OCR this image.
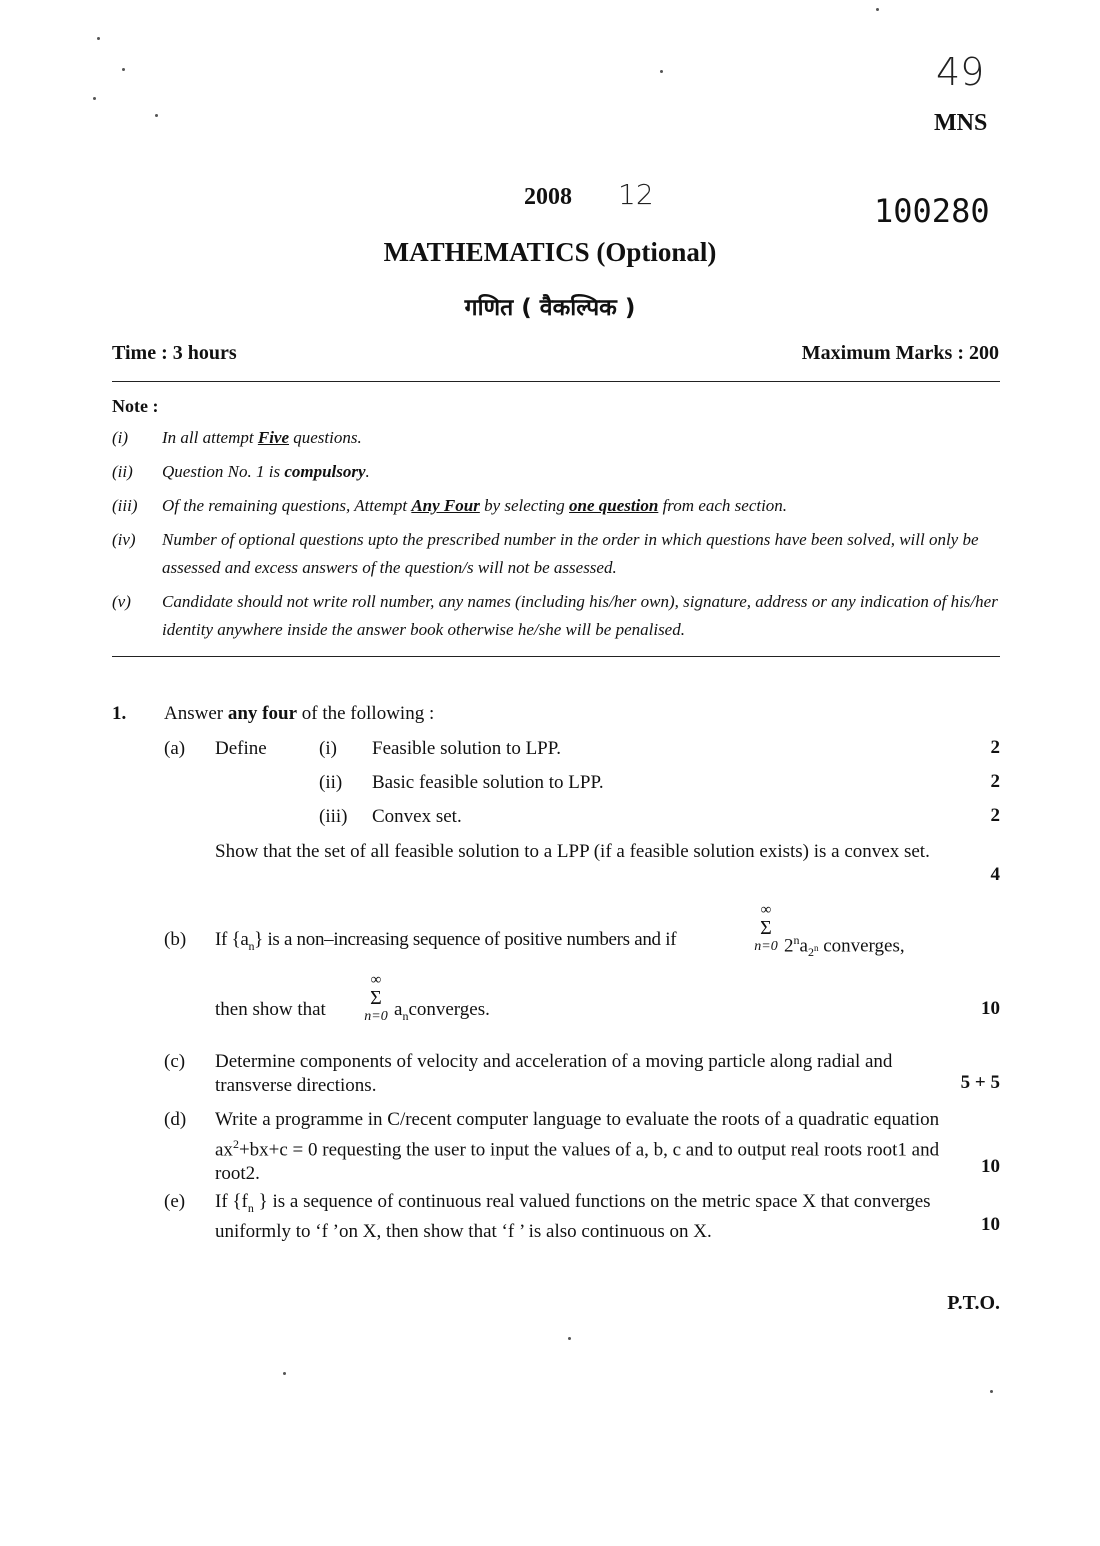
49
MNS
2008 12	100280
MATHEMATICS (Optional)
गणित ( वैकल्पिक )
Time : 3 hours	Maximum Marks : 200
Note :
(i)	In all attempt Five questions.
(ii)	Question No. 1 is compulsory.
(iii)	Of the remaining questions, Attempt Any Four by selecting one question from each section.
(iv)	Number of optional questions upto the prescribed number in the order in which questions have been solved, will only be assessed and excess answers of the question/s will not be assessed.
(v)	Candidate should not write roll number, any names (including his/her own), signature, address or any indication of his/her identity anywhere inside the answer book otherwise he/she will be penalised.
1. Answer any four of the following :
(a) Define	(i) Feasible solution to LPP.	2
(ii) Basic feasible solution to LPP.	2
(iii) Convex set.	2
Show that the set of all feasible solution to a LPP (if a feasible solution exists) is a convex set.
4
(b) If $\{a_n\}$ is a non–increasing sequence of positive numbers and if
∞
Σ
n=0 $2^na_{2^n}$ converges,
then show that
∞
Σ
n=0 $a_nconverges$.	10
(c) Determine components of velocity and acceleration of a moving particle along radial and transverse directions.	5 + 5
(d) Write a programme in C/recent computer language to evaluate the roots of a quadratic equation $ax^2+bx+c = 0$ requesting the user to input the values of a, b, c and to output real roots root1 and root2.	10
(e) If {$f_n$ } is a sequence of continuous real valued functions on the metric space X that converges uniformly to ‘f ’on X, then show that ‘f ’ is also continuous on X.	10
P.T.O.
